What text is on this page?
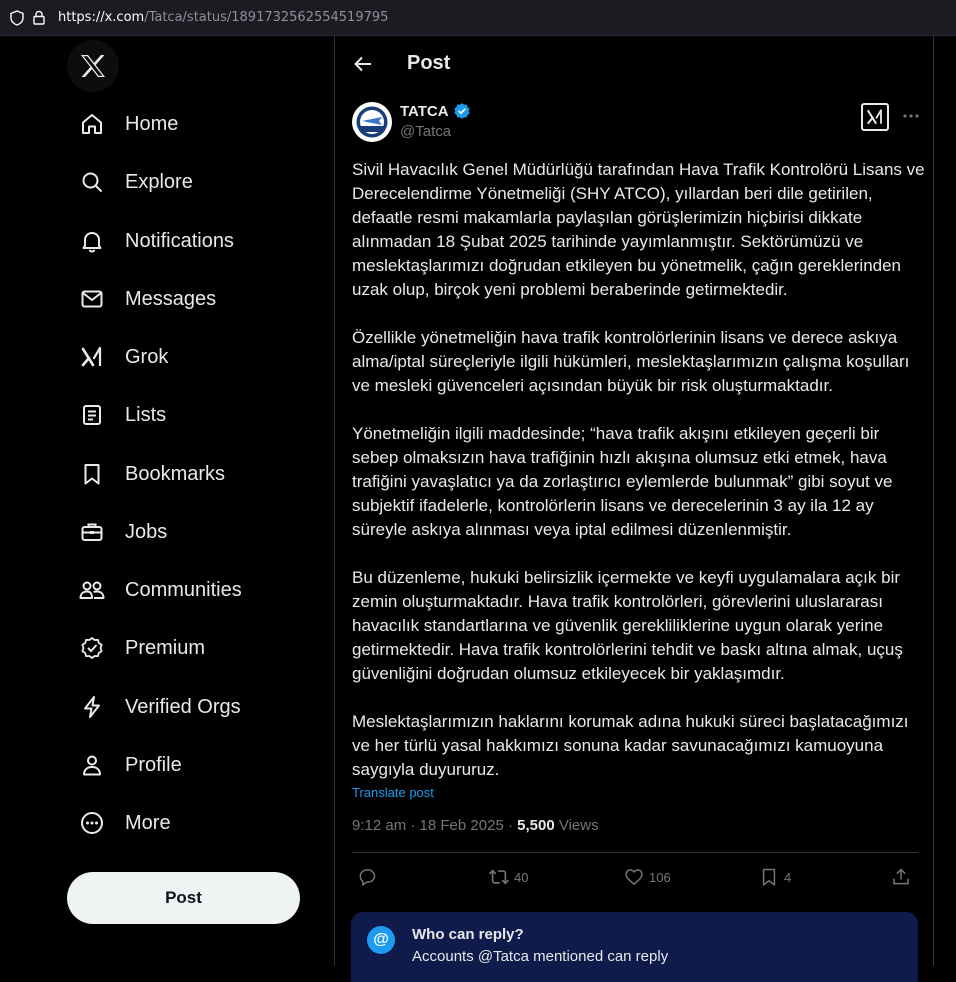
https://x.com/Tatca/status/1891732562554519795
Home
Explore
Notifications
Messages
Grok
Lists
Bookmarks
Jobs
Communities
Premium
Verified Orgs
Profile
More
Post
Post
TATCA
@Tatca

Sivil Havacılık Genel Müdürlüğü tarafından Hava Trafik Kontrolörü Lisans ve Derecelendirme Yönetmeliği (SHY ATCO), yıllardan beri dile getirilen, defaatle resmi makamlarla paylaşılan görüşlerimizin hiçbirisi dikkate alınmadan 18 Şubat 2025 tarihinde yayımlanmıştır. Sektörümüzü ve meslektaşlarımızı doğrudan etkileyen bu yönetmelik, çağın gereklerinden uzak olup, birçok yeni problemi beraberinde getirmektedir.

Özellikle yönetmeliğin hava trafik kontrolörlerinin lisans ve derece askıya alma/iptal süreçleriyle ilgili hükümleri, meslektaşlarımızın çalışma koşulları ve mesleki güvenceleri açısından büyük bir risk oluşturmaktadır.

Yönetmeliğin ilgili maddesinde; “hava trafik akışını etkileyen geçerli bir sebep olmaksızın hava trafiğinin hızlı akışına olumsuz etki etmek, hava trafiğini yavaşlatıcı ya da zorlaştırıcı eylemlerde bulunmak” gibi soyut ve subjektif ifadelerle, kontrolörlerin lisans ve derecelerinin 3 ay ila 12 ay süreyle askıya alınması veya iptal edilmesi düzenlenmiştir.

Bu düzenleme, hukuki belirsizlik içermekte ve keyfi uygulamalara açık bir zemin oluşturmaktadır. Hava trafik kontrolörleri, görevlerini uluslararası havacılık standartlarına ve güvenlik gerekliliklerine uygun olarak yerine getirmektedir. Hava trafik kontrolörlerini tehdit ve baskı altına almak, uçuş güvenliğini doğrudan olumsuz etkileyecek bir yaklaşımdır.

Meslektaşlarımızın haklarını korumak adına hukuki süreci başlatacağımızı ve her türlü yasal hakkımızı sonuna kadar savunacağımızı kamuoyuna saygıyla duyururuz.

Translate post
9:12 am · 18 Feb 2025 · 5,500 Views
40	106	4
@	Who can reply?
Accounts @Tatca mentioned can reply
